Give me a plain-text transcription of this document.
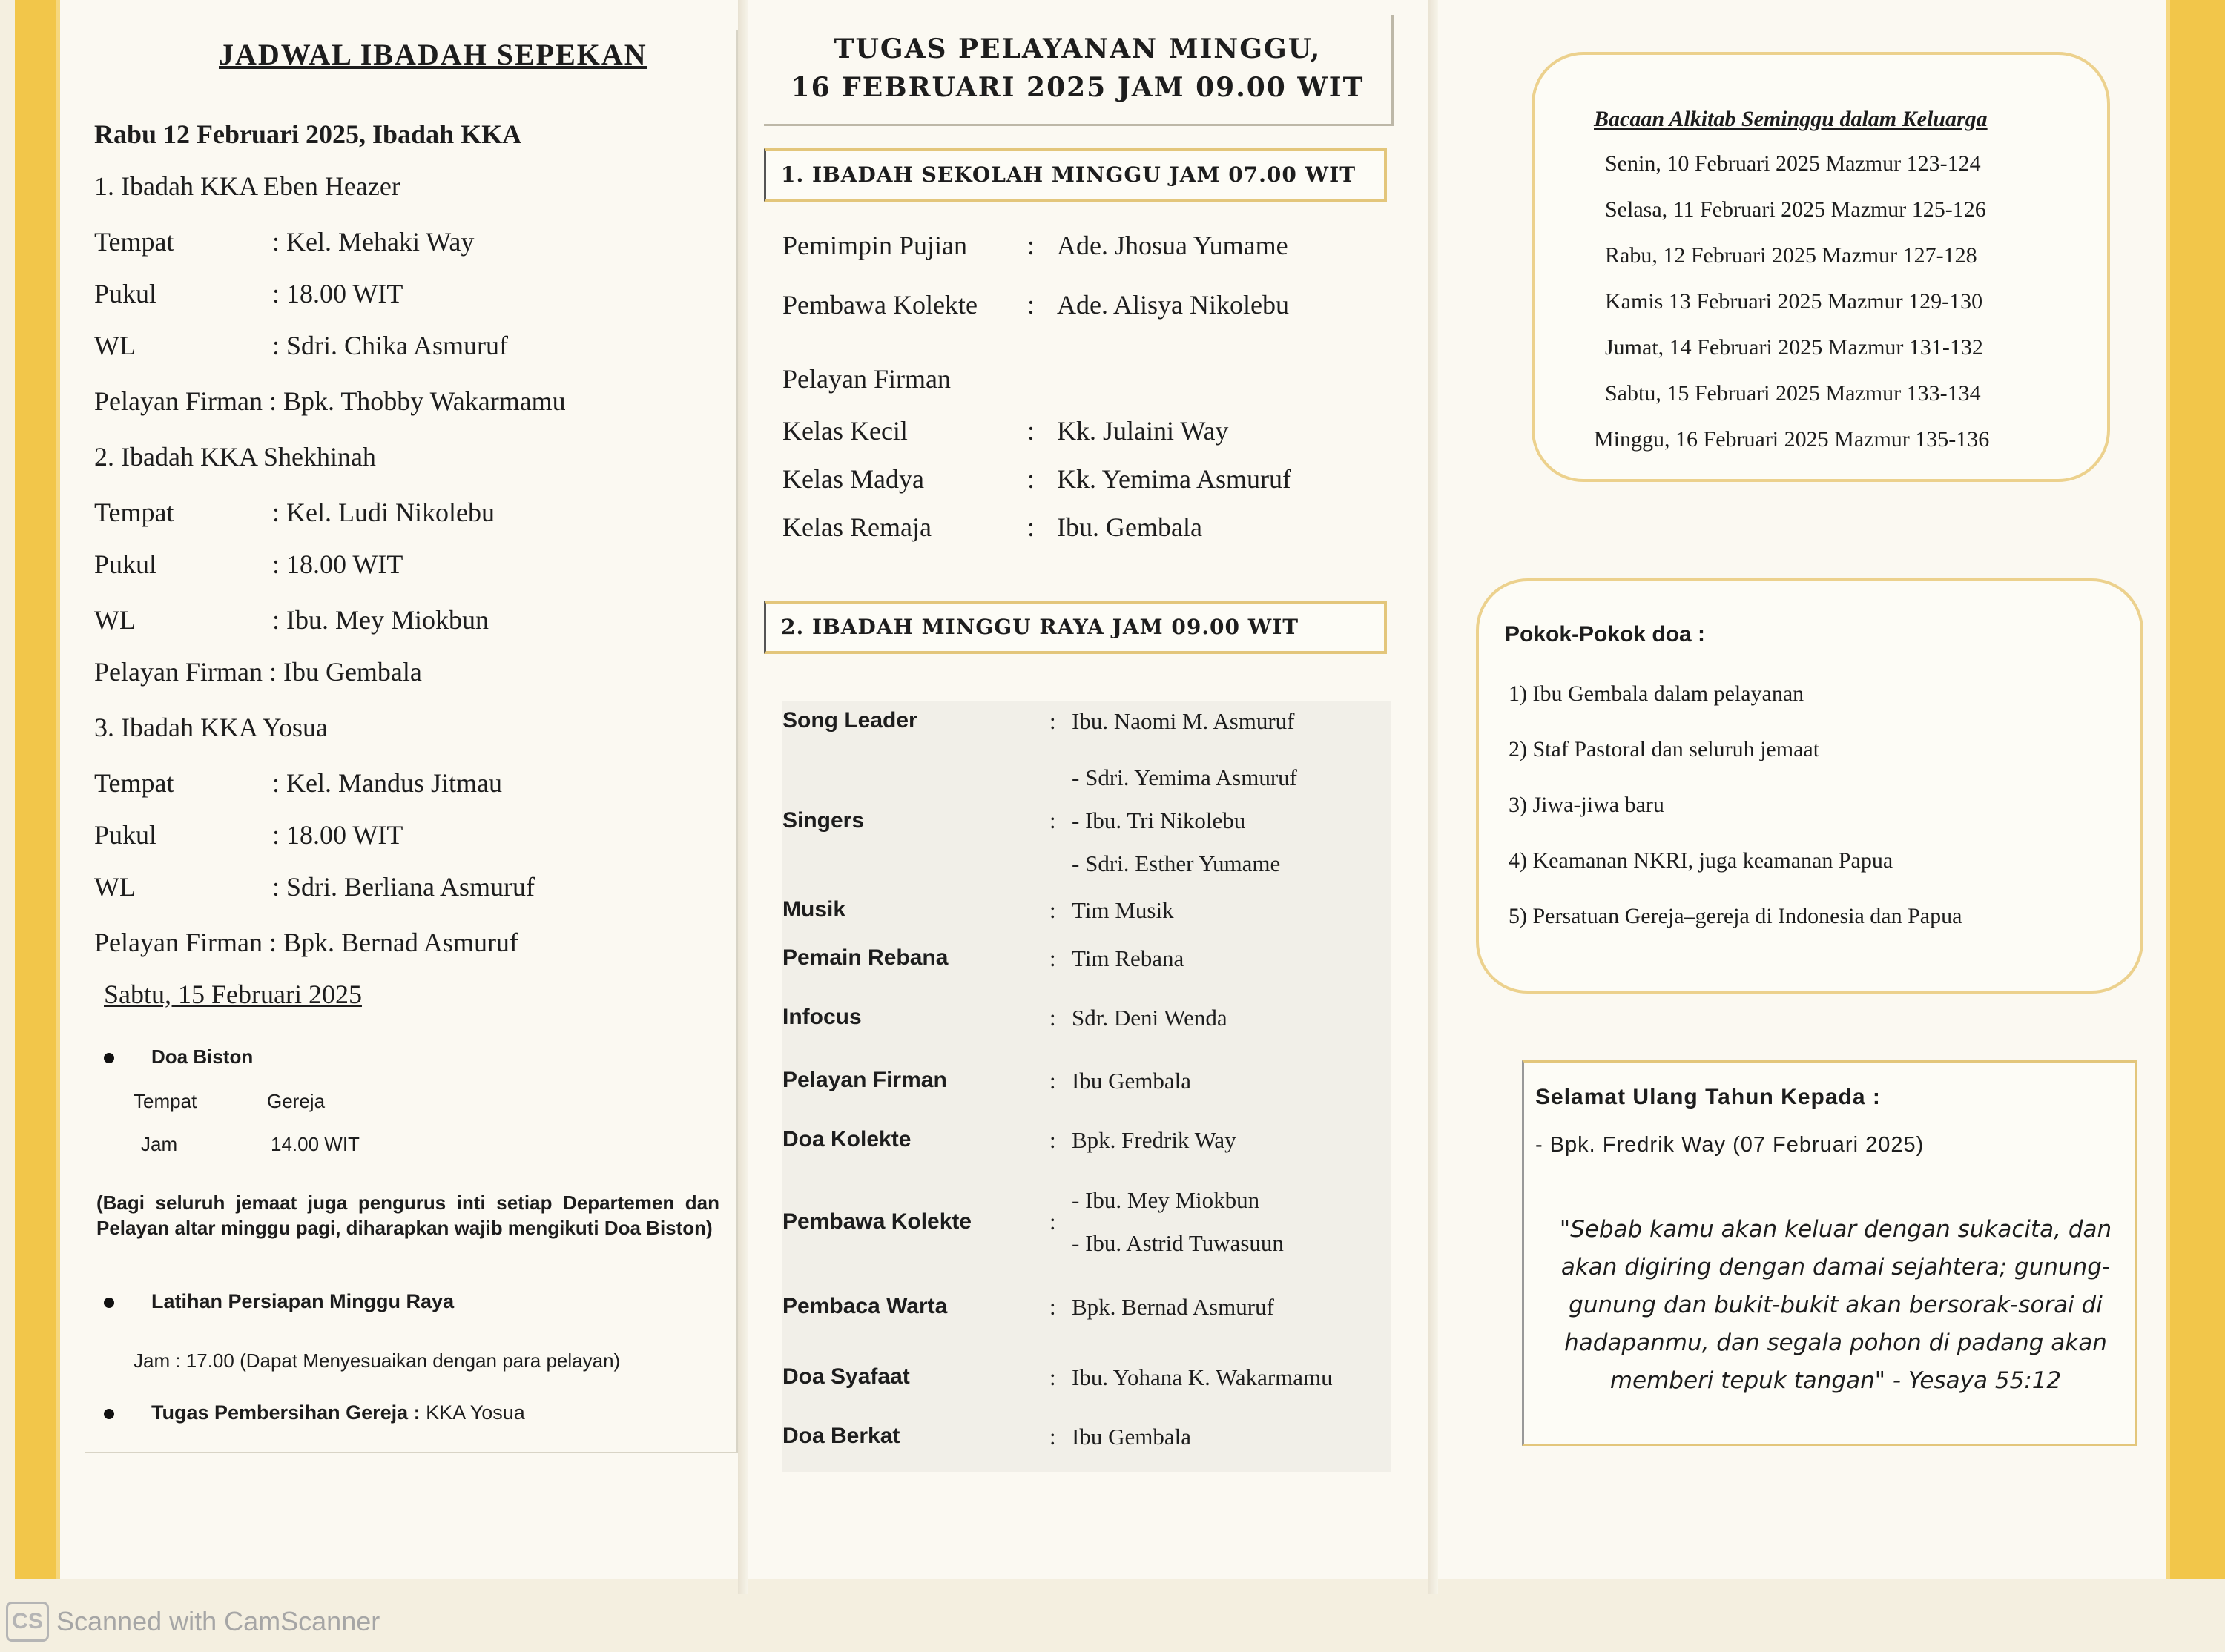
JADWAL IBADAH SEPEKAN
Rabu 12 Februari 2025, Ibadah KKA
1. Ibadah KKA Eben Heazer
Tempat	: Kel. Mehaki Way
Pukul	: 18.00 WIT
WL	: Sdri. Chika Asmuruf
Pelayan Firman : Bpk. Thobby Wakarmamu
2. Ibadah KKA Shekhinah
Tempat	: Kel. Ludi Nikolebu
Pukul	: 18.00 WIT
WL	: Ibu. Mey Miokbun
Pelayan Firman : Ibu Gembala
3. Ibadah KKA Yosua
Tempat	: Kel. Mandus Jitmau
Pukul	: 18.00 WIT
WL	: Sdri. Berliana Asmuruf
Pelayan Firman : Bpk. Bernad Asmuruf
Sabtu, 15 Februari 2025
Doa Biston
Tempat	Gereja
Jam	14.00 WIT
(Bagi seluruh jemaat juga pengurus inti setiap Departemen dan Pelayan altar minggu pagi, diharapkan wajib mengikuti Doa Biston)
Latihan Persiapan Minggu Raya
Jam : 17.00 (Dapat Menyesuaikan dengan para pelayan)
Tugas Pembersihan Gereja : KKA Yosua
TUGAS PELAYANAN MINGGU,
16 FEBRUARI 2025 JAM 09.00 WIT
1. IBADAH SEKOLAH MINGGU JAM 07.00 WIT
Pemimpin Pujian	: Ade. Jhosua Yumame
Pembawa Kolekte	: Ade. Alisya Nikolebu
Pelayan Firman
Kelas Kecil	: Kk. Julaini Way
Kelas Madya	: Kk. Yemima Asmuruf
Kelas Remaja	: Ibu. Gembala
2. IBADAH MINGGU RAYA JAM 09.00 WIT
Song Leader	: Ibu. Naomi M. Asmuruf
Singers	:
- Sdri. Yemima Asmuruf
- Ibu. Tri Nikolebu
- Sdri. Esther Yumame
Musik	: Tim Musik
Pemain Rebana	: Tim Rebana
Infocus	: Sdr. Deni Wenda
Pelayan Firman	: Ibu Gembala
Doa Kolekte	: Bpk. Fredrik Way
Pembawa Kolekte	:
- Ibu. Mey Miokbun
- Ibu. Astrid Tuwasuun
Pembaca Warta	: Bpk. Bernad Asmuruf
Doa Syafaat	: Ibu. Yohana K. Wakarmamu
Doa Berkat	: Ibu Gembala
Bacaan Alkitab Seminggu dalam Keluarga
Senin, 10 Februari 2025 Mazmur 123-124
Selasa, 11 Februari 2025 Mazmur 125-126
Rabu, 12 Februari 2025 Mazmur 127-128
Kamis 13 Februari 2025 Mazmur 129-130
Jumat, 14 Februari 2025 Mazmur 131-132
Sabtu, 15 Februari 2025 Mazmur 133-134
Minggu, 16 Februari 2025 Mazmur 135-136
Pokok-Pokok doa :
1) Ibu Gembala dalam pelayanan
2) Staf Pastoral dan seluruh jemaat
3) Jiwa-jiwa baru
4) Keamanan NKRI, juga keamanan Papua
5) Persatuan Gereja–gereja di Indonesia dan Papua
Selamat Ulang Tahun Kepada :
- Bpk. Fredrik Way (07 Februari 2025)
"Sebab kamu akan keluar dengan sukacita, dan akan digiring dengan damai sejahtera; gunung-gunung dan bukit-bukit akan bersorak-sorai di hadapanmu, dan segala pohon di padang akan memberi tepuk tangan" - Yesaya 55:12
CS Scanned with CamScanner
